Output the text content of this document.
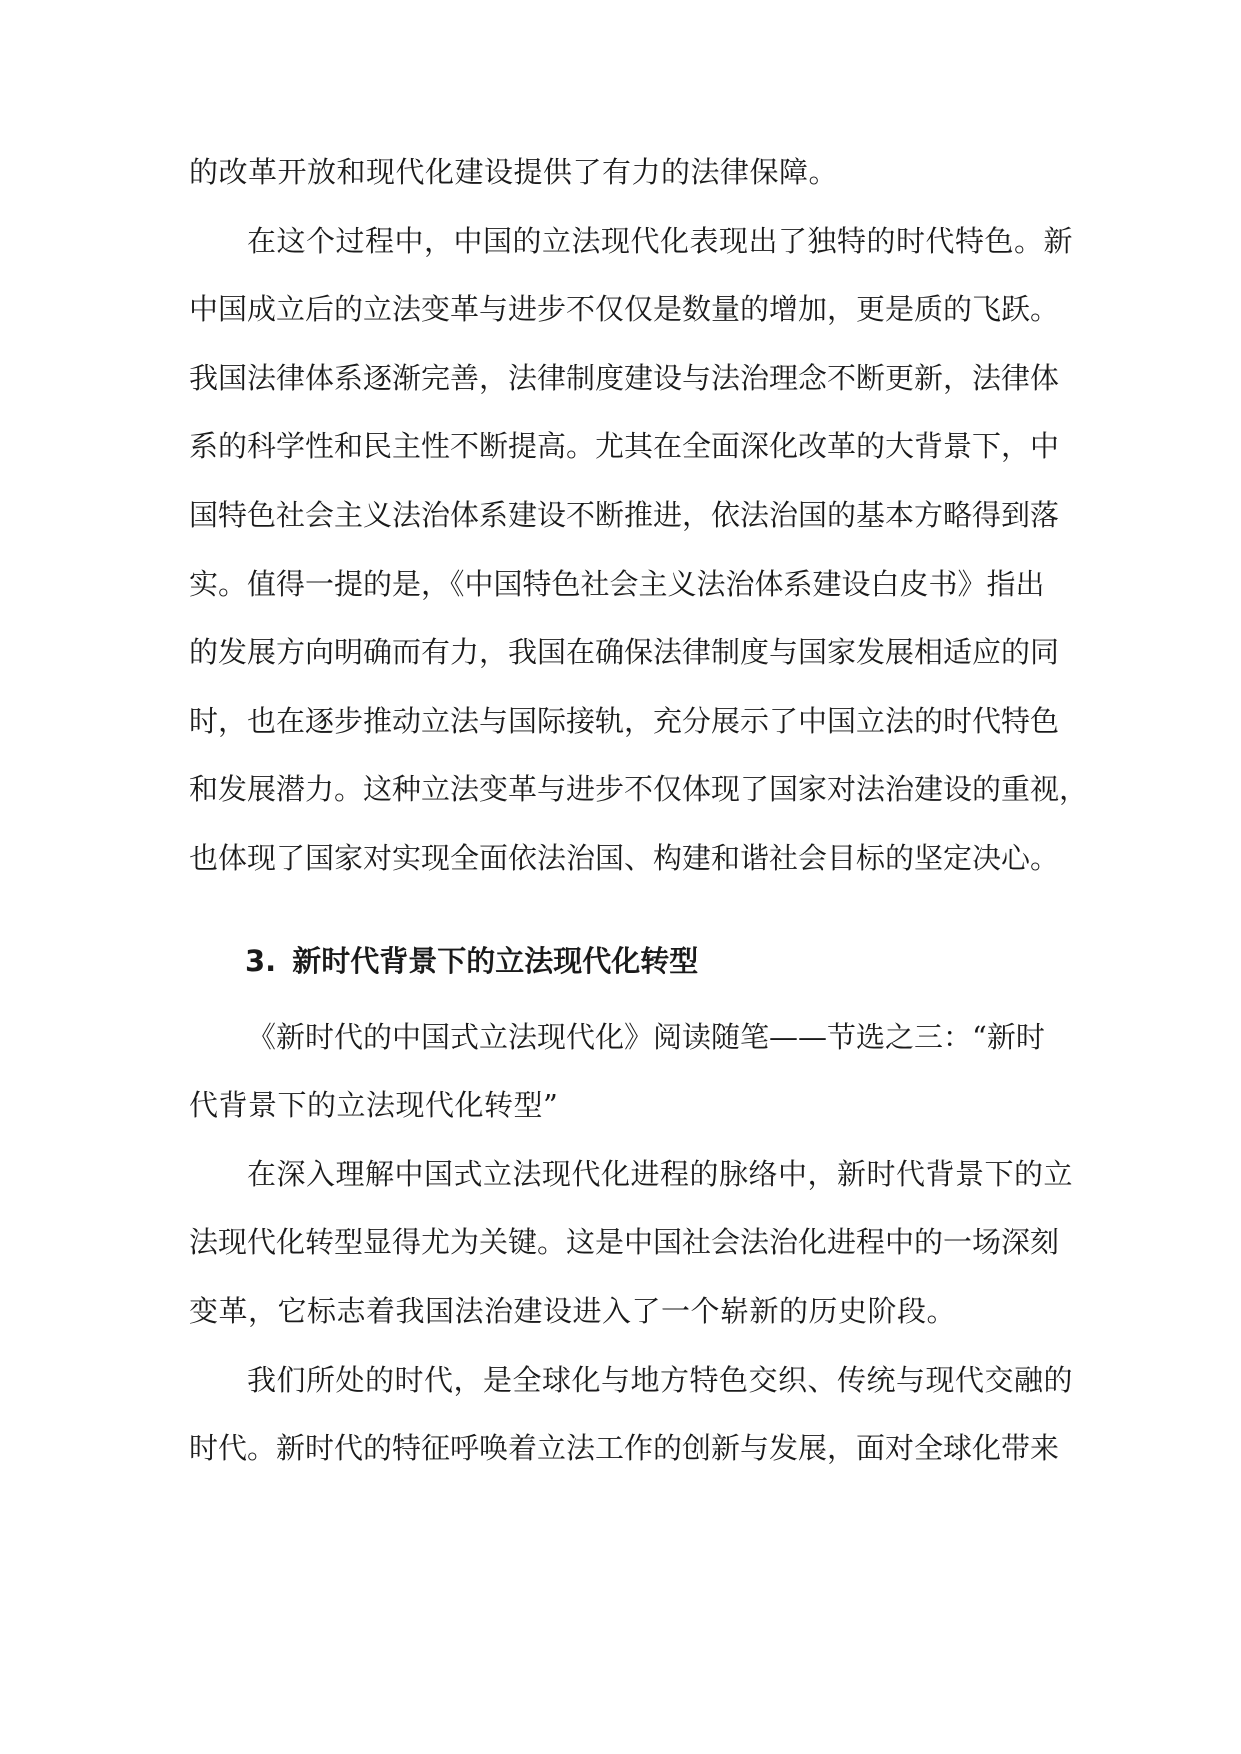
的改革开放和现代化建设提供了有力的法律保障。
在这个过程中，中国的立法现代化表现出了独特的时代特色。新
中国成立后的立法变革与进步不仅仅是数量的增加，更是质的飞跃。
我国法律体系逐渐完善，法律制度建设与法治理念不断更新，法律体
系的科学性和民主性不断提高。尤其在全面深化改革的大背景下，中
国特色社会主义法治体系建设不断推进，依法治国的基本方略得到落
实。值得一提的是，《中国特色社会主义法治体系建设白皮书》指出
的发展方向明确而有力，我国在确保法律制度与国家发展相适应的同
时，也在逐步推动立法与国际接轨，充分展示了中国立法的时代特色
和发展潜力。这种立法变革与进步不仅体现了国家对法治建设的重视，
也体现了国家对实现全面依法治国、构建和谐社会目标的坚定决心。
3. 新时代背景下的立法现代化转型
《新时代的中国式立法现代化》阅读随笔——节选之三：“新时
代背景下的立法现代化转型”
在深入理解中国式立法现代化进程的脉络中，新时代背景下的立
法现代化转型显得尤为关键。这是中国社会法治化进程中的一场深刻
变革，它标志着我国法治建设进入了一个崭新的历史阶段。
我们所处的时代，是全球化与地方特色交织、传统与现代交融的
时代。新时代的特征呼唤着立法工作的创新与发展，面对全球化带来
